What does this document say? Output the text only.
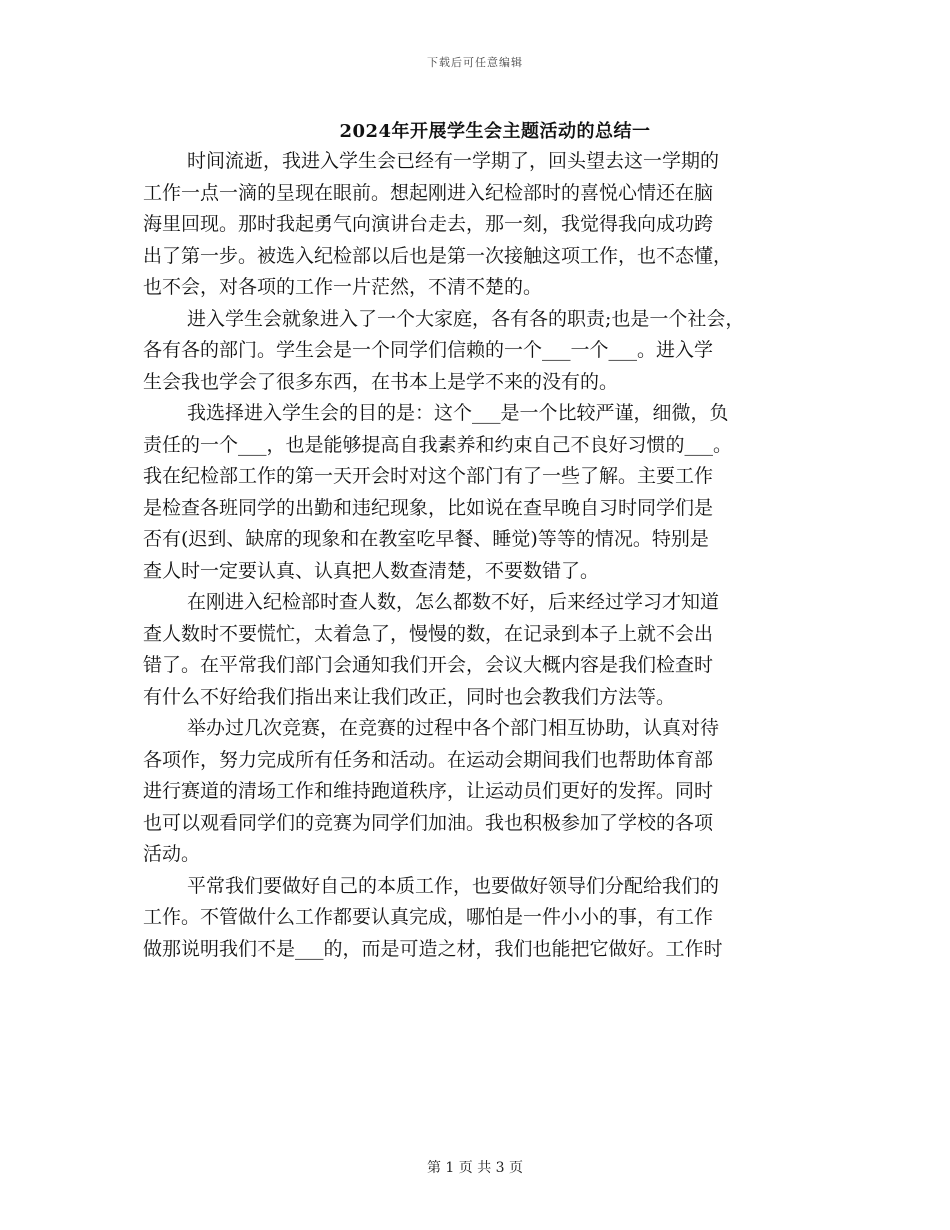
下载后可任意编辑
2024年开展学生会主题活动的总结一
时间流逝，我进入学生会已经有一学期了，回头望去这一学期的
工作一点一滴的呈现在眼前。想起刚进入纪检部时的喜悦心情还在脑
海里回现。那时我起勇气向演讲台走去，那一刻，我觉得我向成功跨
出了第一步。被选入纪检部以后也是第一次接触这项工作，也不态懂，
也不会，对各项的工作一片茫然，不清不楚的。
进入学生会就象进入了一个大家庭，各有各的职责;也是一个社会，
各有各的部门。学生会是一个同学们信赖的一个___一个___。进入学
生会我也学会了很多东西，在书本上是学不来的没有的。
我选择进入学生会的目的是：这个___是一个比较严谨，细微，负
责任的一个___，也是能够提高自我素养和约束自己不良好习惯的___。
我在纪检部工作的第一天开会时对这个部门有了一些了解。主要工作
是检查各班同学的出勤和违纪现象，比如说在查早晚自习时同学们是
否有(迟到、缺席的现象和在教室吃早餐、睡觉)等等的情况。特别是
查人时一定要认真、认真把人数查清楚，不要数错了。
在刚进入纪检部时查人数，怎么都数不好，后来经过学习才知道
查人数时不要慌忙，太着急了，慢慢的数，在记录到本子上就不会出
错了。在平常我们部门会通知我们开会，会议大概内容是我们检查时
有什么不好给我们指出来让我们改正，同时也会教我们方法等。
举办过几次竞赛，在竞赛的过程中各个部门相互协助，认真对待
各项作，努力完成所有任务和活动。在运动会期间我们也帮助体育部
进行赛道的清场工作和维持跑道秩序，让运动员们更好的发挥。同时
也可以观看同学们的竞赛为同学们加油。我也积极参加了学校的各项
活动。
平常我们要做好自己的本质工作，也要做好领导们分配给我们的
工作。不管做什么工作都要认真完成，哪怕是一件小小的事，有工作
做那说明我们不是___的，而是可造之材，我们也能把它做好。工作时
第 1 页 共 3 页
